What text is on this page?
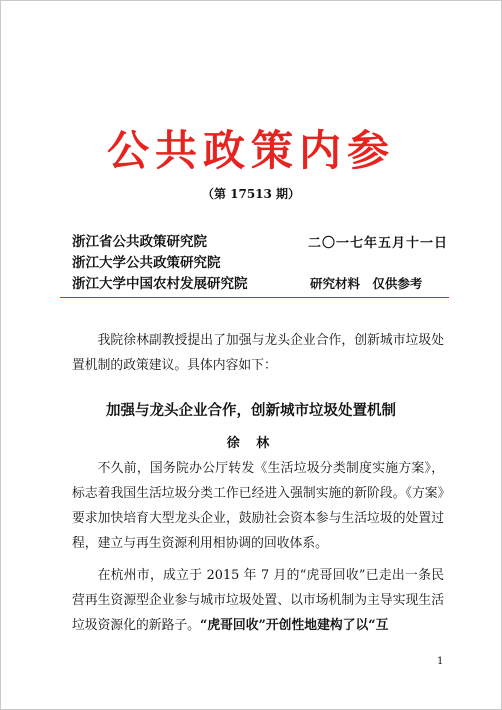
公共政策内参
（第 17513 期）
浙江省公共政策研究院
浙江大学公共政策研究院
浙江大学中国农村发展研究院
二〇一七年五月十一日
研究材料 仅供参考
我院徐林副教授提出了加强与龙头企业合作，创新城市垃圾处置机制的政策建议。具体内容如下：
加强与龙头企业合作，创新城市垃圾处置机制
徐 林
不久前，国务院办公厅转发《生活垃圾分类制度实施方案》，标志着我国生活垃圾分类工作已经进入强制实施的新阶段。《方案》要求加快培育大型龙头企业，鼓励社会资本参与生活垃圾的处置过程，建立与再生资源利用相协调的回收体系。
在杭州市，成立于 2015 年 7 月的“虎哥回收”已走出一条民营再生资源型企业参与城市垃圾处置、以市场机制为主导实现生活垃圾资源化的新路子。“虎哥回收”开创性地建构了以“互
1
